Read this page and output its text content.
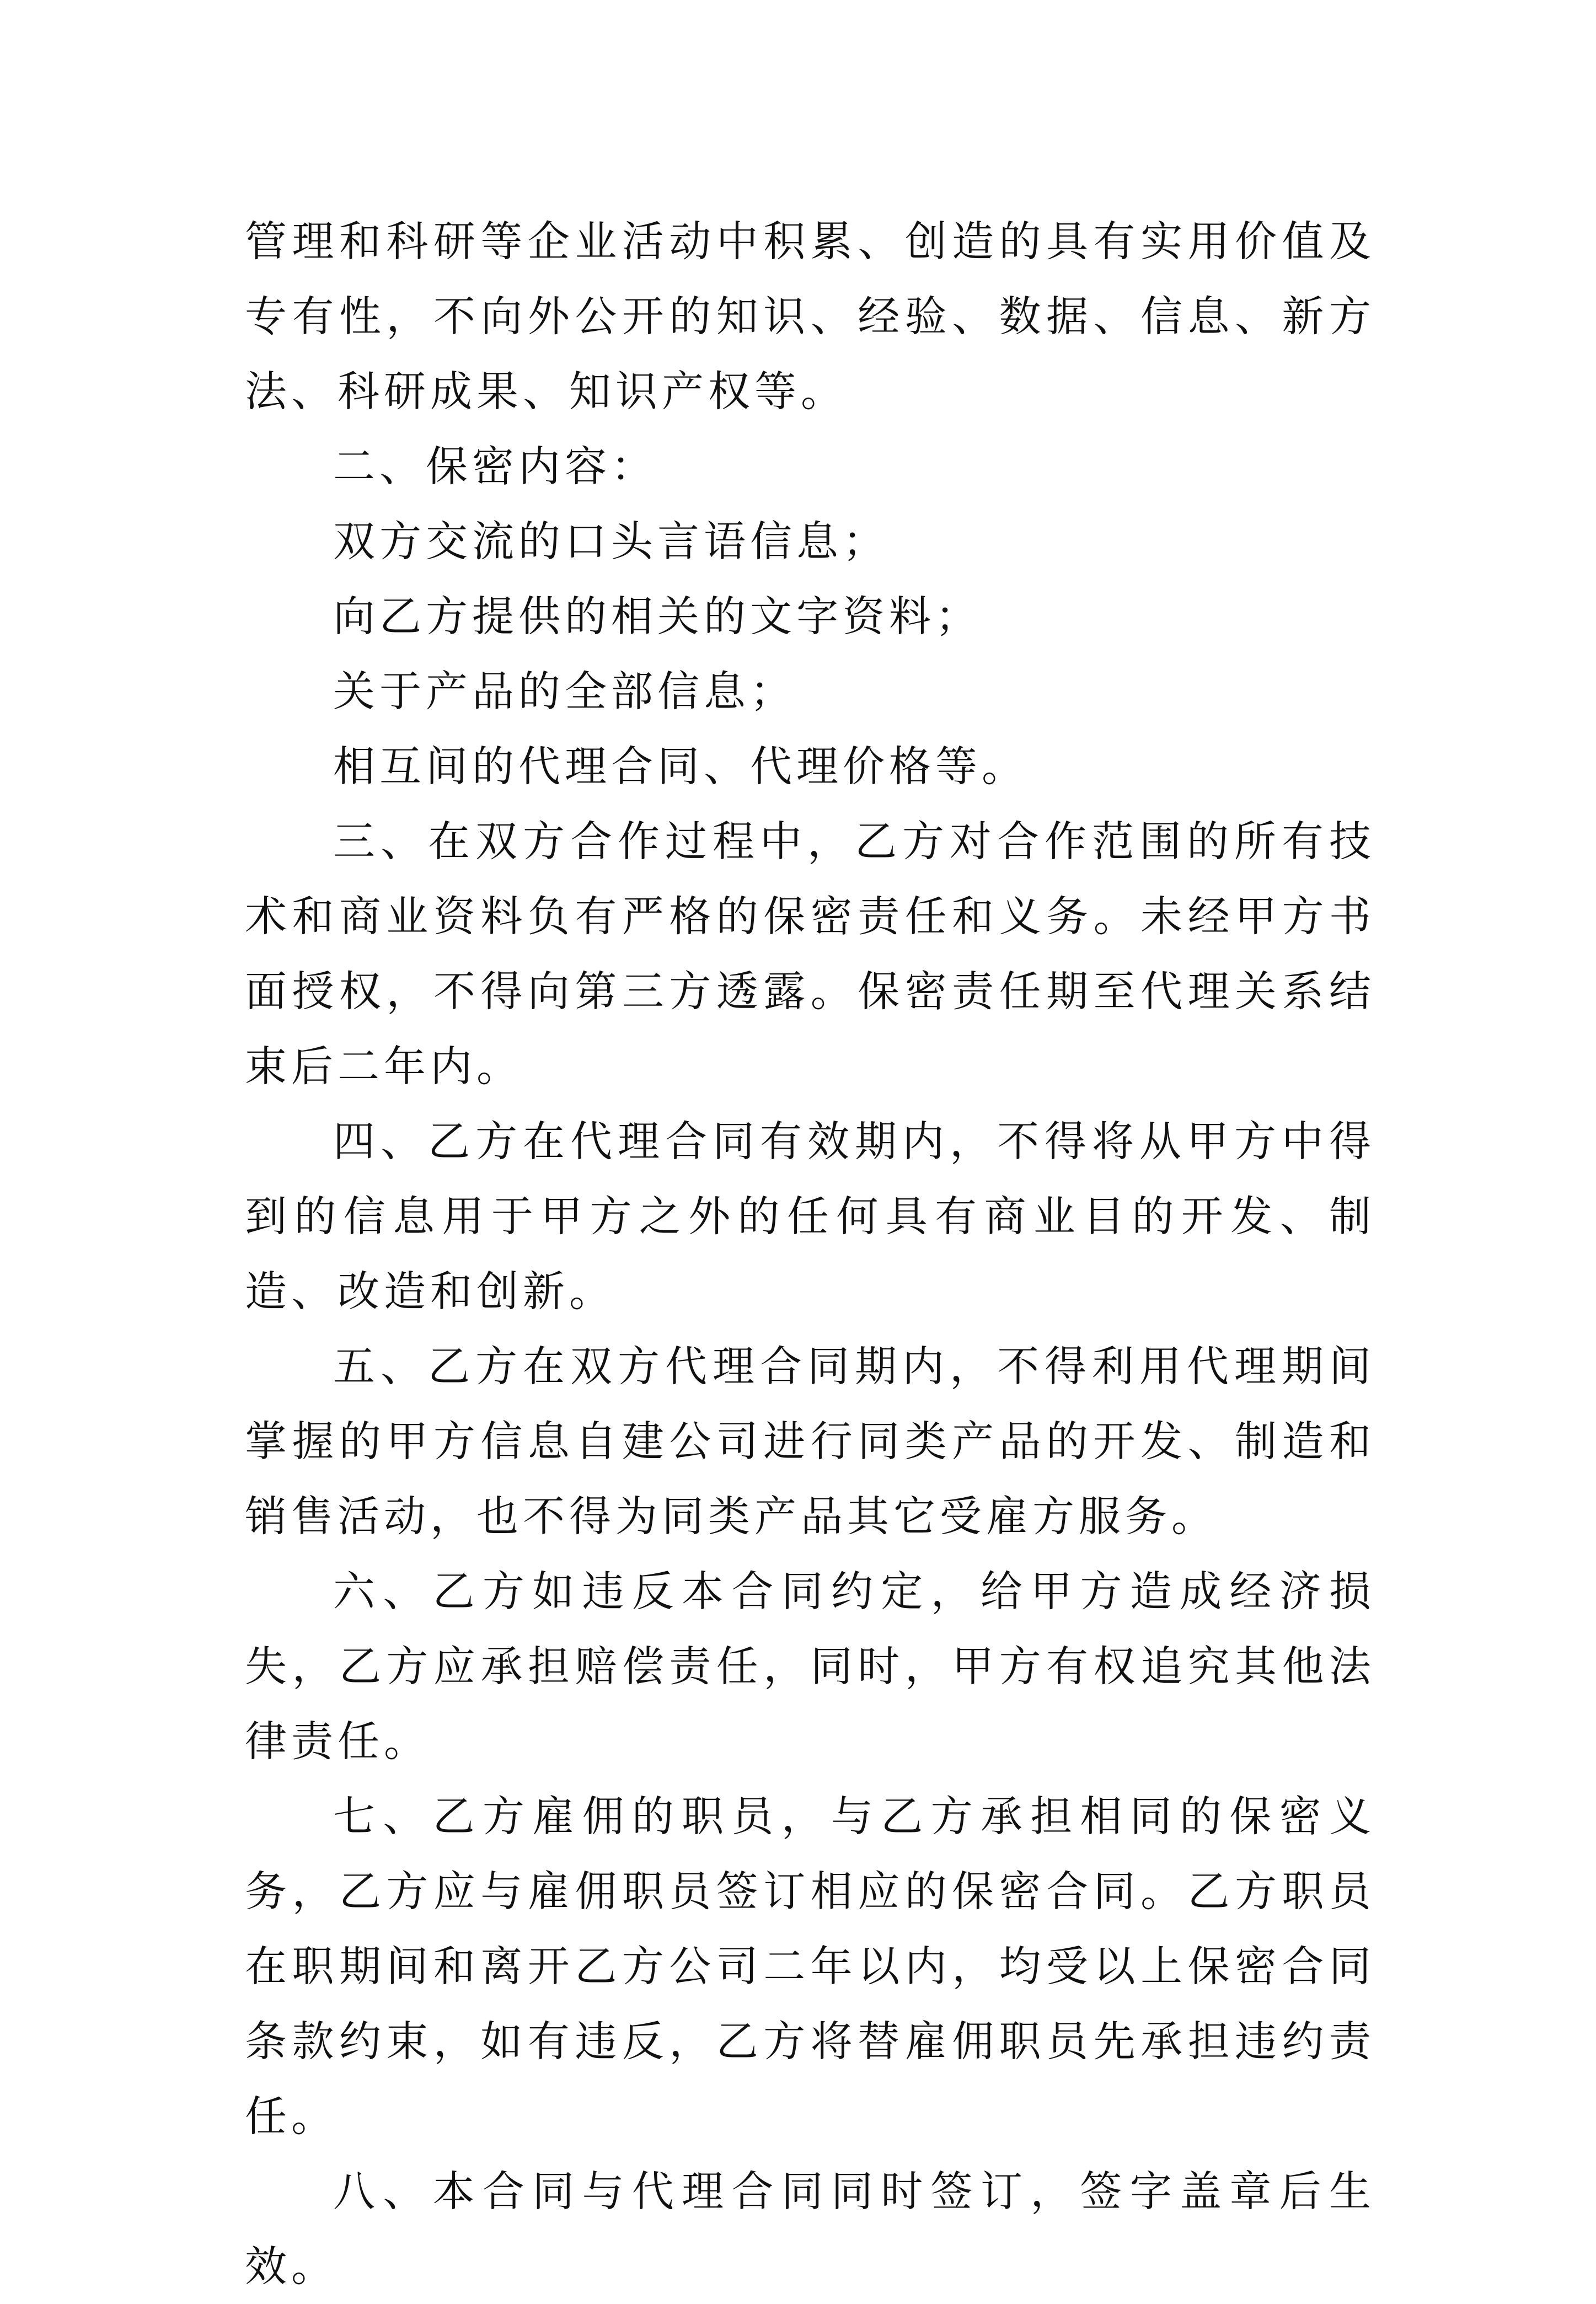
管理和科研等企业活动中积累、创造的具有实用价值及专有性，不向外公开的知识、经验、数据、信息、新方法、科研成果、知识产权等。

二、保密内容：

双方交流的口头言语信息；

向乙方提供的相关的文字资料；

关于产品的全部信息；

相互间的代理合同、代理价格等。

三、在双方合作过程中，乙方对合作范围的所有技术和商业资料负有严格的保密责任和义务。未经甲方书面授权，不得向第三方透露。保密责任期至代理关系结束后二年内。

四、乙方在代理合同有效期内，不得将从甲方中得到的信息用于甲方之外的任何具有商业目的开发、制造、改造和创新。

五、乙方在双方代理合同期内，不得利用代理期间掌握的甲方信息自建公司进行同类产品的开发、制造和销售活动，也不得为同类产品其它受雇方服务。

六、乙方如违反本合同约定，给甲方造成经济损失，乙方应承担赔偿责任，同时，甲方有权追究其他法律责任。

七、乙方雇佣的职员，与乙方承担相同的保密义务，乙方应与雇佣职员签订相应的保密合同。乙方职员在职期间和离开乙方公司二年以内，均受以上保密合同条款约束，如有违反，乙方将替雇佣职员先承担违约责任。

八、本合同与代理合同同时签订，签字盖章后生效。
